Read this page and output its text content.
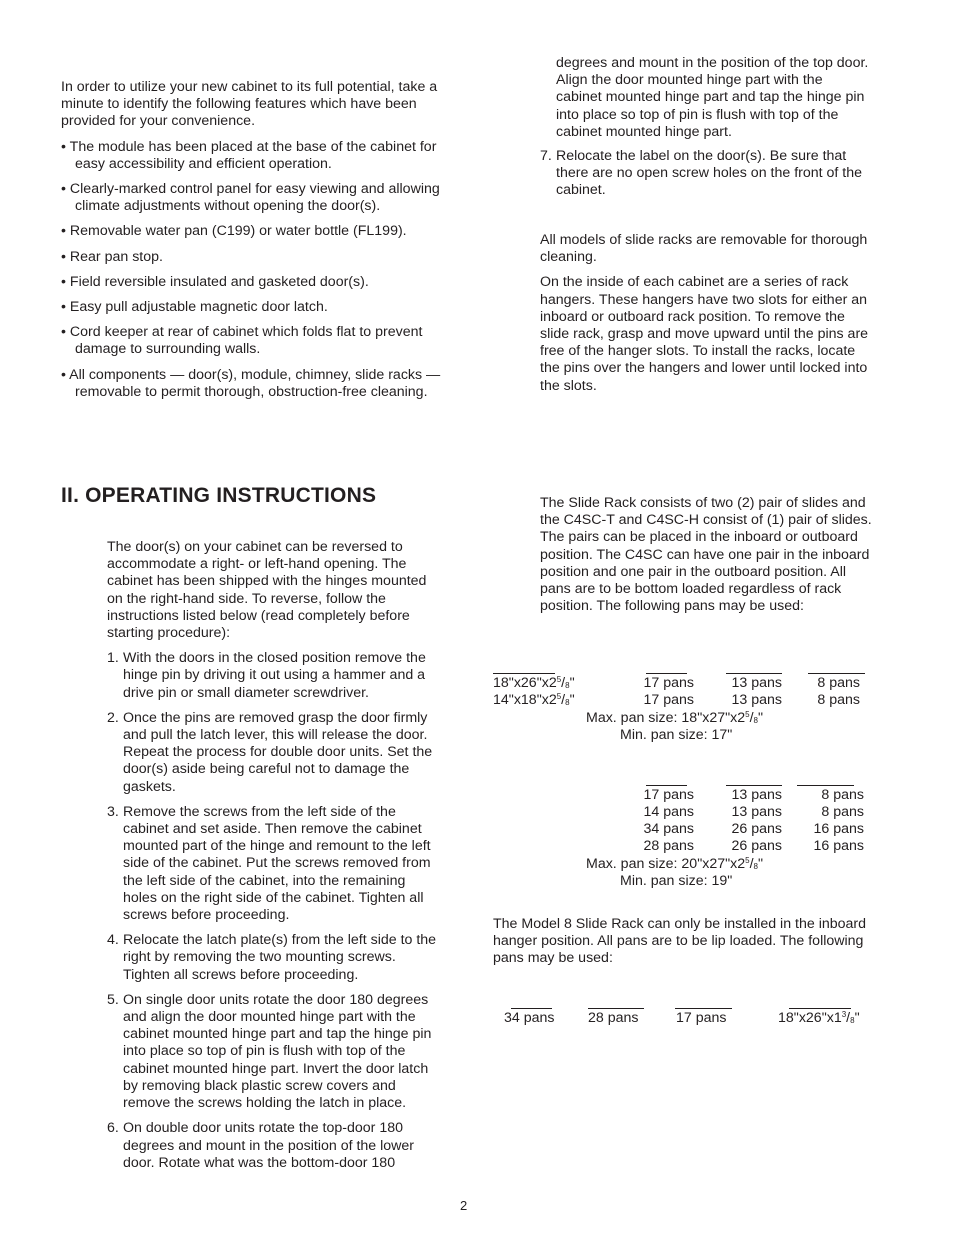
In order to utilize your new cabinet to its full potential, take a minute to identify the following features which have been provided for your convenience.

• The module has been placed at the base of the cabinet for easy accessibility and efficient operation.

• Clearly-marked control panel for easy viewing and allowing climate adjustments without opening the door(s).

• Removable water pan (C199) or water bottle (FL199).

• Rear pan stop.

• Field reversible insulated and gasketed door(s).

• Easy pull adjustable magnetic door latch.

• Cord keeper at rear of cabinet which folds flat to prevent damage to surrounding walls.

• All components — door(s), module, chimney, slide racks — removable to permit thorough, obstruction-free cleaning.

II. OPERATING INSTRUCTIONS

The door(s) on your cabinet can be reversed to accommodate a right- or left-hand opening. The cabinet has been shipped with the hinges mounted on the right-hand side. To reverse, follow the instructions listed below (read completely before starting procedure):

1. With the doors in the closed position remove the hinge pin by driving it out using a hammer and a drive pin or small diameter screwdriver.
2. Once the pins are removed grasp the door firmly and pull the latch lever, this will release the door. Repeat the process for double door units. Set the door(s) aside being careful not to damage the gaskets.
3. Remove the screws from the left side of the cabinet and set aside. Then remove the cabinet mounted part of the hinge and remount to the left side of the cabinet. Put the screws removed from the left side of the cabinet, into the remaining holes on the right side of the cabinet. Tighten all screws before proceeding.
4. Relocate the latch plate(s) from the left side to the right by removing the two mounting screws. Tighten all screws before proceeding.
5. On single door units rotate the door 180 degrees and align the door mounted hinge part with the cabinet mounted hinge part and tap the hinge pin into place so top of pin is flush with top of the cabinet mounted hinge part. Invert the door latch by removing black plastic screw covers and remove the screws holding the latch in place.
6. On double door units rotate the top-door 180 degrees and mount in the position of the lower door. Rotate what was the bottom-door 180

degrees and mount in the position of the top door. Align the door mounted hinge part with the cabinet mounted hinge part and tap the hinge pin into place so top of pin is flush with top of the cabinet mounted hinge part.

7. Relocate the label on the door(s). Be sure that there are no open screw holes on the front of the cabinet.

All models of slide racks are removable for thorough cleaning.

On the inside of each cabinet are a series of rack hangers. These hangers have two slots for either an inboard or outboard rack position. To remove the slide rack, grasp and move upward until the pins are free of the hanger slots. To install the racks, locate the pins over the hangers and lower until locked into the slots.

The Slide Rack consists of two (2) pair of slides and the C4SC-T and C4SC-H consist of (1) pair of slides. The pairs can be placed in the inboard or outboard position. The C4SC can have one pair in the inboard position and one pair in the outboard position. All pans are to be bottom loaded regardless of rack position. The following pans may be used:

$18"x26"x2^5/_8$"	17 pans	13 pans	8 pans
$14"x18"x2^5/_8$"	17 pans	13 pans	8 pans
Max. pan size: $18"x27"x2^5/_8$"
Min. pan size: 17"
17 pans	13 pans	8 pans
14 pans	13 pans	8 pans
34 pans	26 pans	16 pans
28 pans	26 pans	16 pans
Max. pan size: $20"x27"x2^5/_8$"
Min. pan size: 19"

The Model 8 Slide Rack can only be installed in the inboard hanger position. All pans are to be lip loaded. The following pans may be used:

34 pans 28 pans	17 pans	$18"x26"x1^3/_8$"
2
